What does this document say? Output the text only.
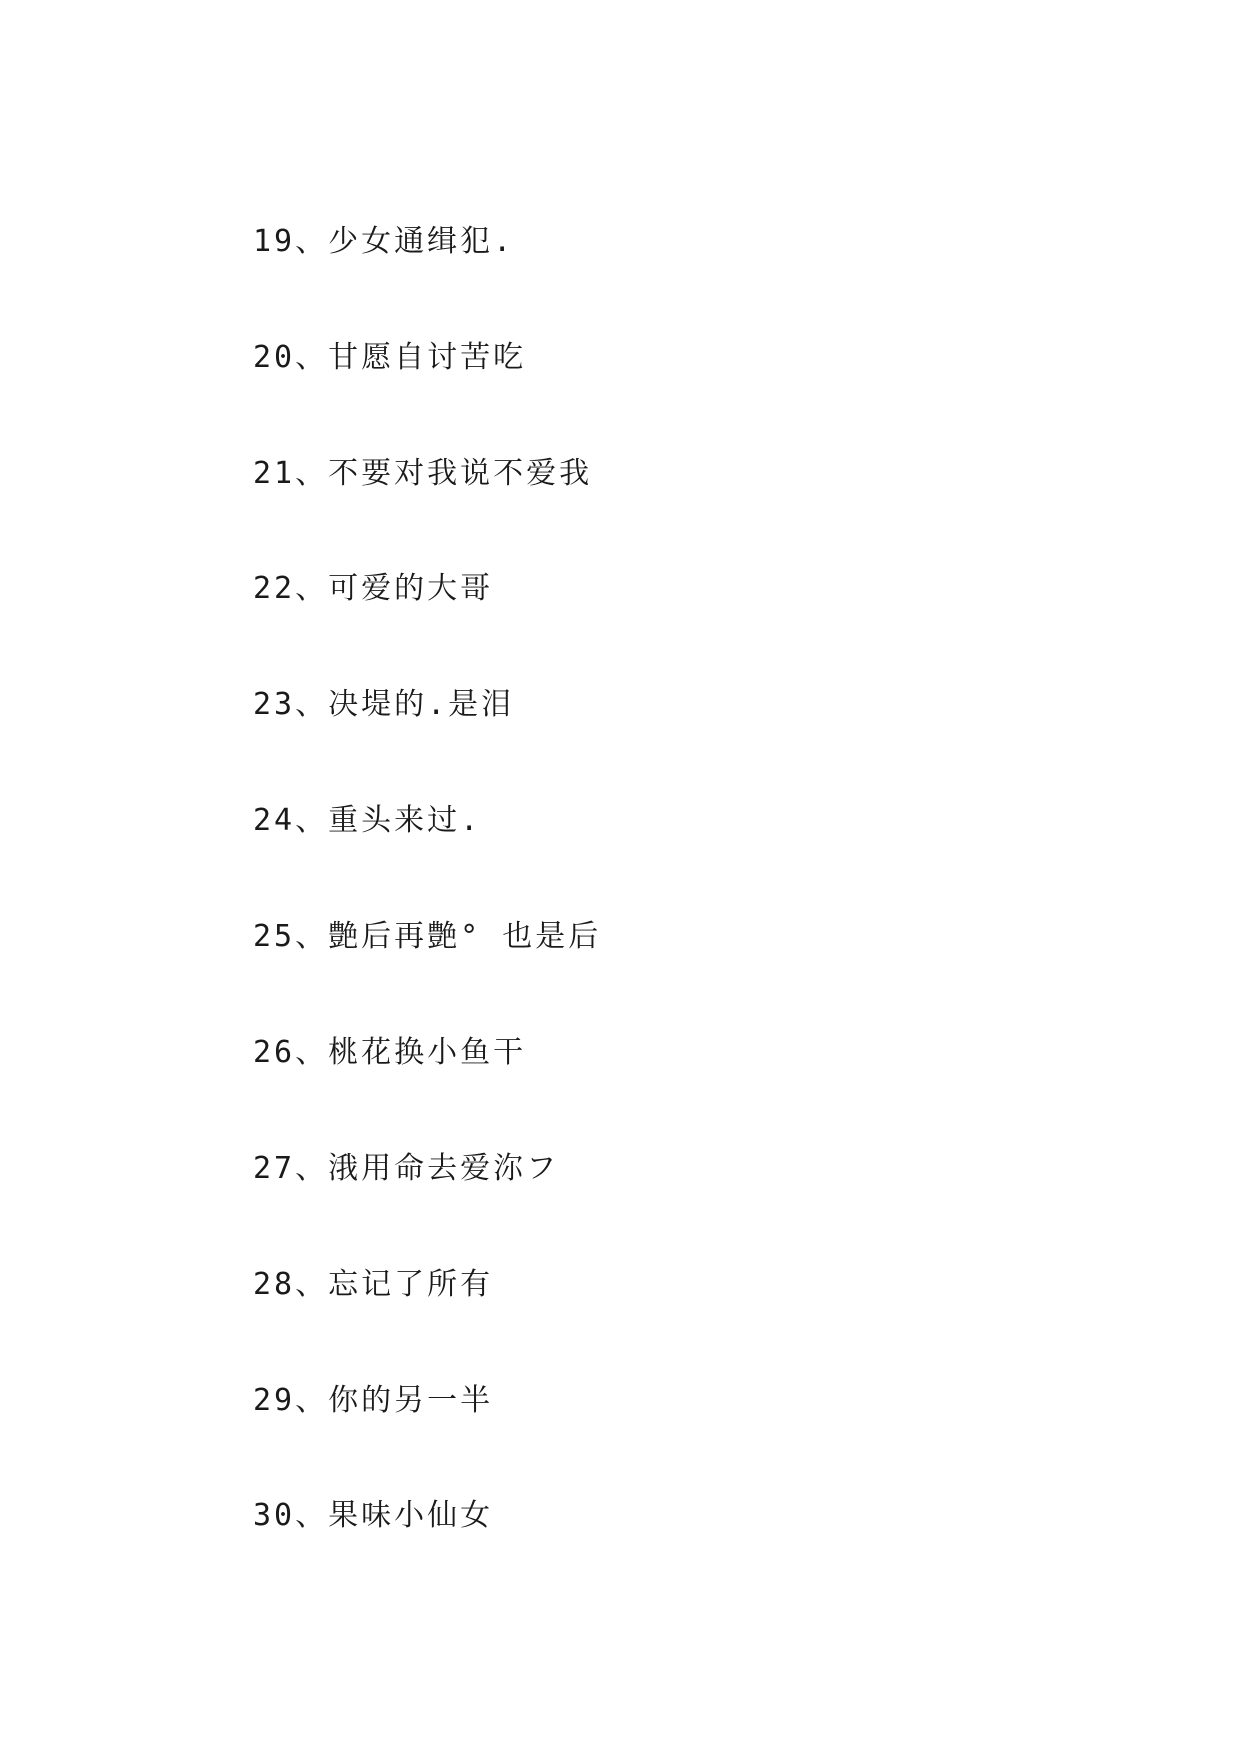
19、少女通缉犯.
20、甘愿自讨苦吃
21、不要对我说不爱我
22、可爱的大哥
23、决堤的.是泪
24、重头来过.
25、艶后再艶° 也是后
26、桃花换小鱼干
27、涐用命去爱沵フ
28、忘记了所有
29、你的另一半
30、果味小仙女
